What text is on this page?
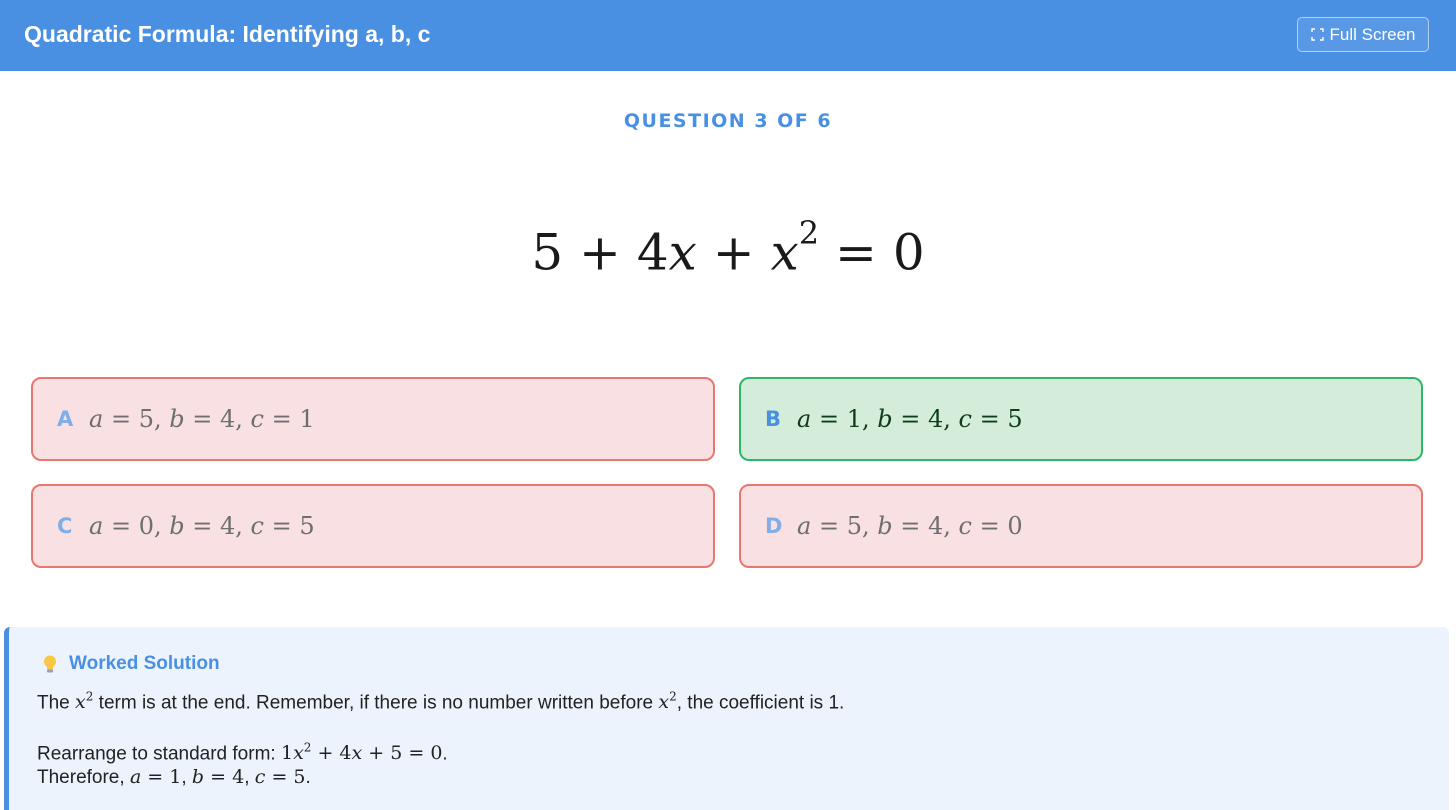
Quadratic Formula: Identifying a, b, c	Full Screen
QUESTION 3 OF 6
$5 + 4x + x^2 = 0$
A a = 5, b = 4, c = 1	B a = 1, b = 4, c = 5
C a = 0, b = 4, c = 5	D a = 5, b = 4, c = 0
Worked Solution
The $x^2$ term is at the end. Remember, if there is no number written before $x^2$, the coefficient is 1.
Rearrange to standard form: $1x^2 + 4x + 5 = 0$.
Therefore, a = 1, b = 4, c = 5.
